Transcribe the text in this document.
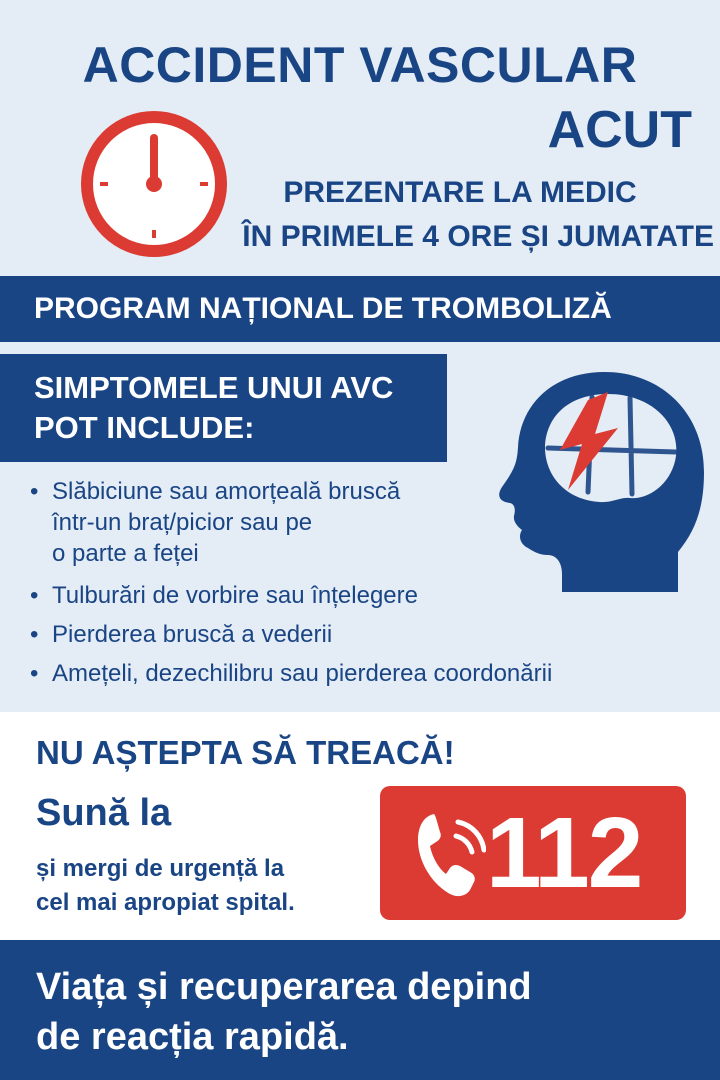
ACCIDENT VASCULAR
ACUT
PREZENTARE LA MEDIC
ÎN PRIMELE 4 ORE ȘI JUMATATE
PROGRAM NAȚIONAL DE TROMBOLIZĂ
SIMPTOMELE UNUI AVC
POT INCLUDE:
• Slăbiciune sau amorțeală bruscă
într-un braț/picior sau pe
o parte a feței
• Tulburări de vorbire sau înțelegere
• Pierderea bruscă a vederii
• Amețeli, dezechilibru sau pierderea coordonării
NU AȘTEPTA SĂ TREACĂ!
Sună la
și mergi de urgență la
cel mai apropiat spital.	112
Viața și recuperarea depind
de reacția rapidă.
